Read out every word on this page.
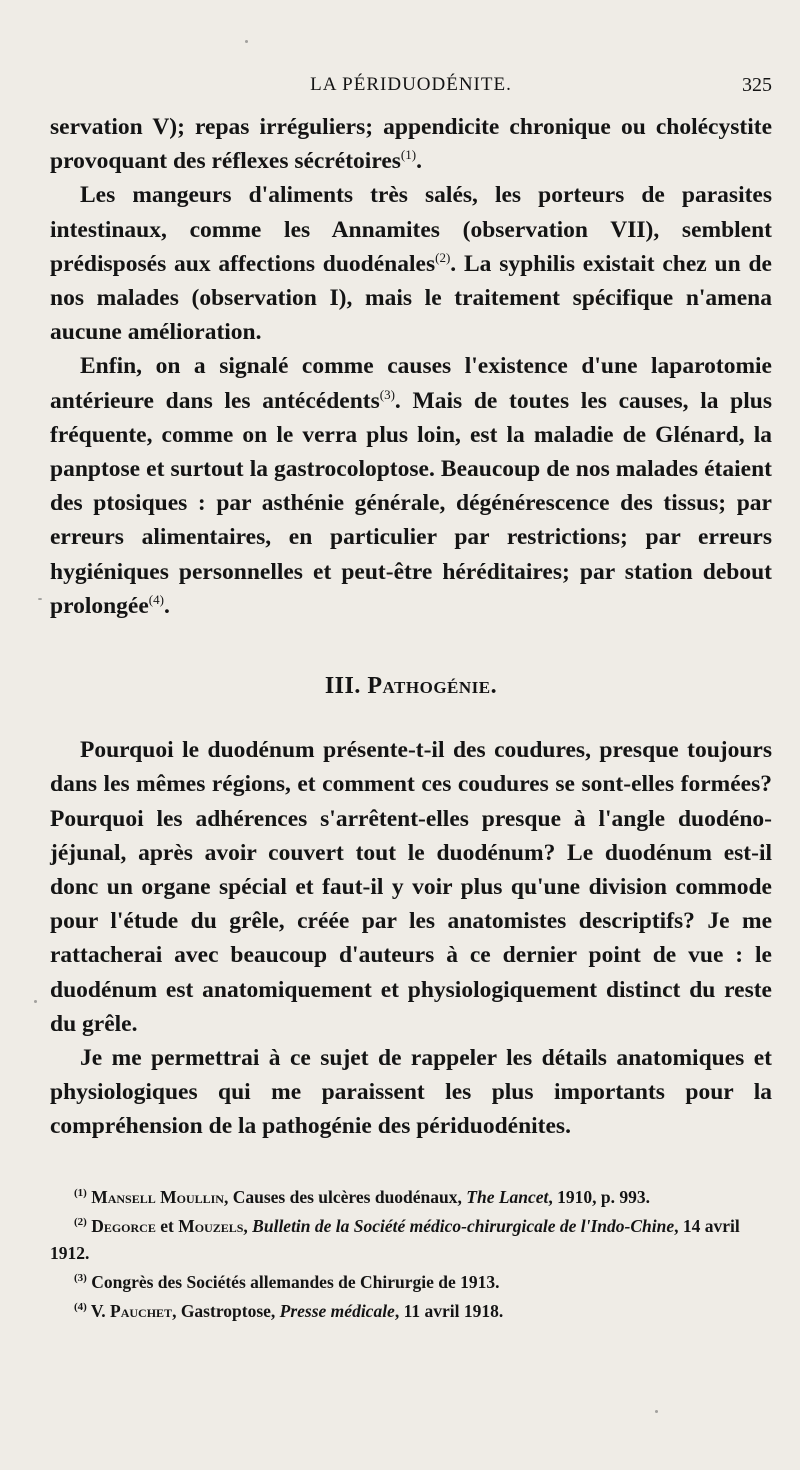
LA PÉRIDUODÉNITE.	325

servation V); repas irréguliers; appendicite chronique ou cholécystite provoquant des réflexes sécrétoires$^{(1)}$.

Les mangeurs d'aliments très salés, les porteurs de parasites intestinaux, comme les Annamites (observation VII), semblent prédisposés aux affections duodénales$^{(2)}$. La syphilis existait chez un de nos malades (observation I), mais le traitement spécifique n'amena aucune amélioration.

Enfin, on a signalé comme causes l'existence d'une laparotomie antérieure dans les antécédents$^{(3)}$. Mais de toutes les causes, la plus fréquente, comme on le verra plus loin, est la maladie de Glénard, la panptose et surtout la gastrocoloptose. Beaucoup de nos malades étaient des ptosiques : par asthénie générale, dégénérescence des tissus; par erreurs alimentaires, en particulier par restrictions; par erreurs hygiéniques personnelles et peut-être héréditaires; par station debout prolongée$^{(4)}$.

III. Pathogénie.

Pourquoi le duodénum présente-t-il des coudures, presque toujours dans les mêmes régions, et comment ces coudures se sont-elles formées? Pourquoi les adhérences s'arrêtent-elles presque à l'angle duodéno-jéjunal, après avoir couvert tout le duodénum? Le duodénum est-il donc un organe spécial et faut-il y voir plus qu'une division commode pour l'étude du grêle, créée par les anatomistes descriptifs? Je me rattacherai avec beaucoup d'auteurs à ce dernier point de vue : le duodénum est anatomiquement et physiologiquement distinct du reste du grêle.

Je me permettrai à ce sujet de rappeler les détails anatomiques et physiologiques qui me paraissent les plus importants pour la compréhension de la pathogénie des périduodénites.

$^{(1)}$ Mansell Moullin, Causes des ulcères duodénaux, The Lancet, 1910, p. 993.

$^{(2)}$ Degorce et Mouzels, Bulletin de la Société médico-chirurgicale de l'Indo-Chine, 14 avril 1912.

$^{(3)}$ Congrès des Sociétés allemandes de Chirurgie de 1913.

$^{(4)}$ V. Pauchet, Gastroptose, Presse médicale, 11 avril 1918.
